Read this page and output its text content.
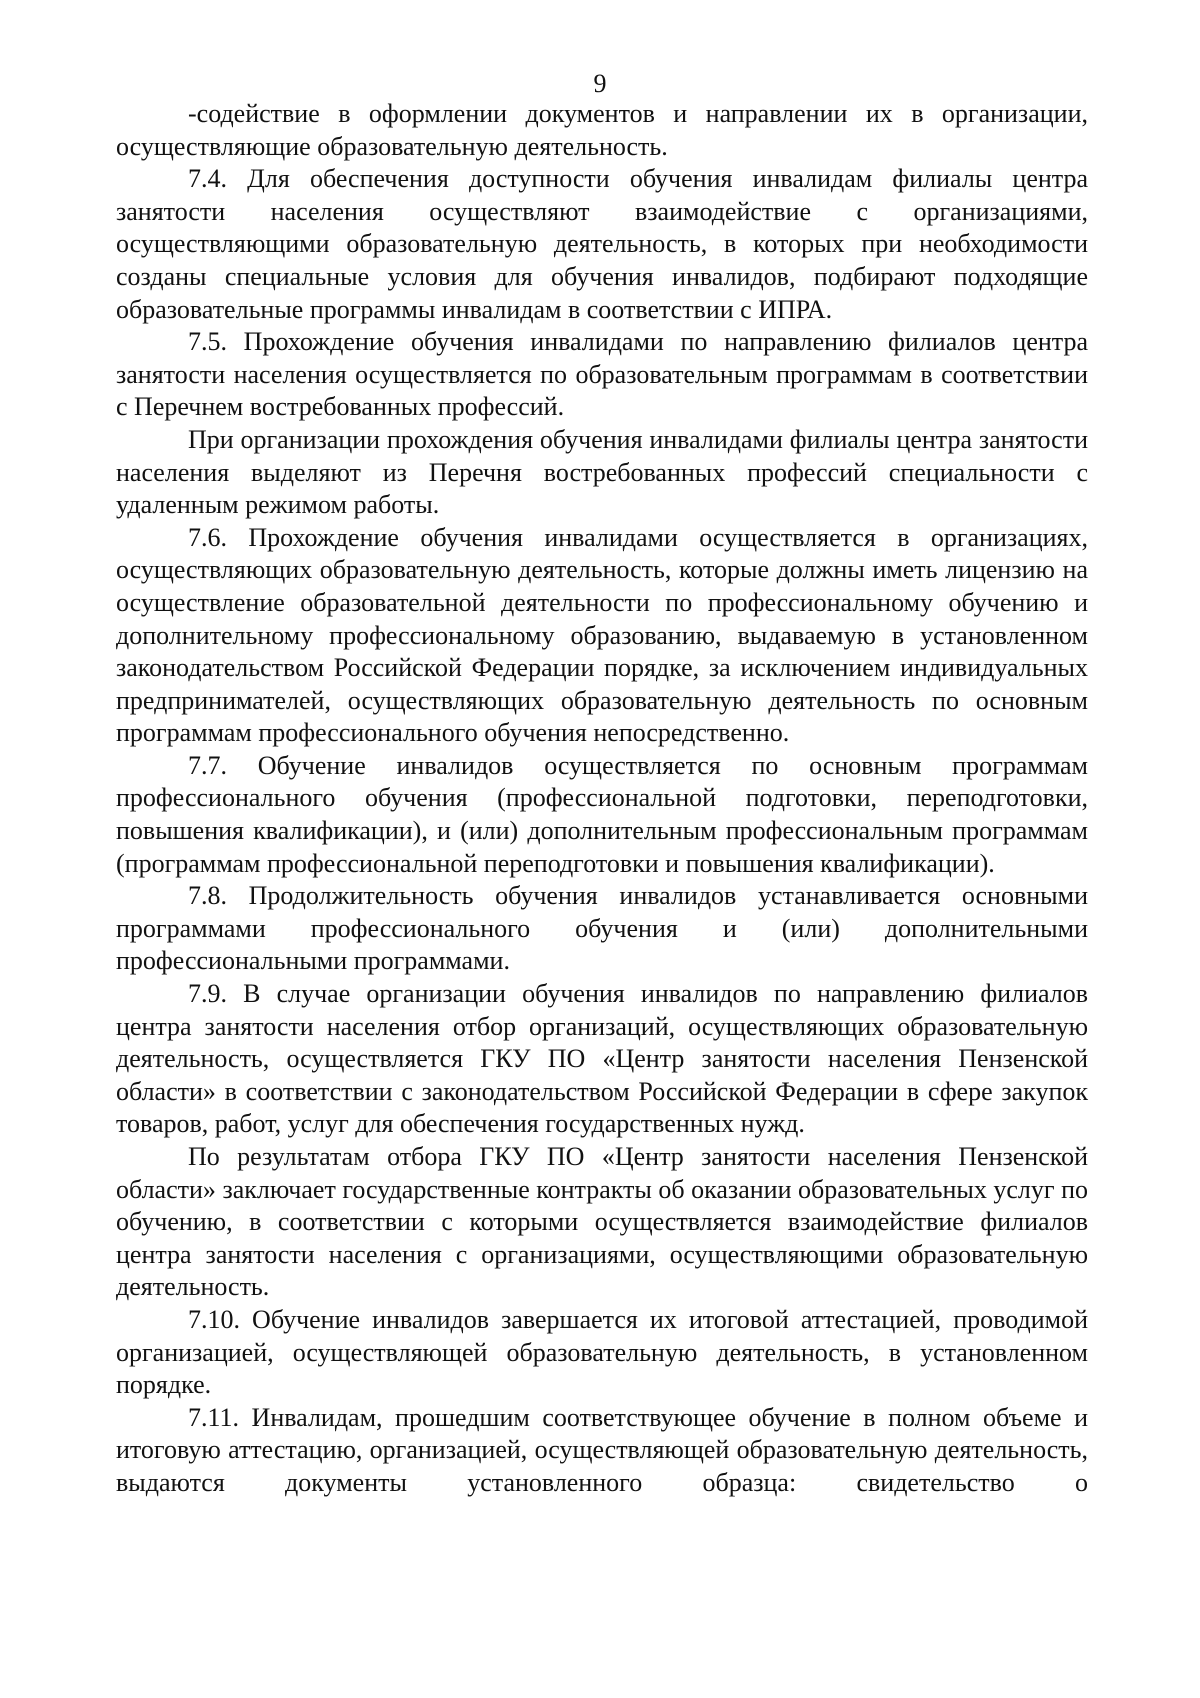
9

-содействие в оформлении документов и направлении их в организации, осуществляющие образовательную деятельность.

7.4. Для обеспечения доступности обучения инвалидам филиалы центра занятости населения осуществляют взаимодействие с организациями, осуществляющими образовательную деятельность, в которых при необходимости созданы специальные условия для обучения инвалидов, подбирают подходящие образовательные программы инвалидам в соответствии с ИПРА.

7.5. Прохождение обучения инвалидами по направлению филиалов центра занятости населения осуществляется по образовательным программам в соответствии с Перечнем востребованных профессий.

При организации прохождения обучения инвалидами филиалы центра занятости населения выделяют из Перечня востребованных профессий специальности с удаленным режимом работы.

7.6. Прохождение обучения инвалидами осуществляется в организациях, осуществляющих образовательную деятельность, которые должны иметь лицензию на осуществление образовательной деятельности по профессиональному обучению и дополнительному профессиональному образованию, выдаваемую в установленном законодательством Российской Федерации порядке, за исключением индивидуальных предпринимателей, осуществляющих образовательную деятельность по основным программам профессионального обучения непосредственно.

7.7. Обучение инвалидов осуществляется по основным программам профессионального обучения (профессиональной подготовки, переподготовки, повышения квалификации), и (или) дополнительным профессиональным программам (программам профессиональной переподготовки и повышения квалификации).

7.8. Продолжительность обучения инвалидов устанавливается основными программами профессионального обучения и (или) дополнительными профессиональными программами.

7.9. В случае организации обучения инвалидов по направлению филиалов центра занятости населения отбор организаций, осуществляющих образовательную деятельность, осуществляется ГКУ ПО «Центр занятости населения Пензенской области» в соответствии с законодательством Российской Федерации в сфере закупок товаров, работ, услуг для обеспечения государственных нужд.

По результатам отбора ГКУ ПО «Центр занятости населения Пензенской области» заключает государственные контракты об оказании образовательных услуг по обучению, в соответствии с которыми осуществляется взаимодействие филиалов центра занятости населения с организациями, осуществляющими образовательную деятельность.

7.10. Обучение инвалидов завершается их итоговой аттестацией, проводимой организацией, осуществляющей образовательную деятельность, в установленном порядке.

7.11. Инвалидам, прошедшим соответствующее обучение в полном объеме и итоговую аттестацию, организацией, осуществляющей образовательную деятельность, выдаются документы установленного образца: свидетельство о
